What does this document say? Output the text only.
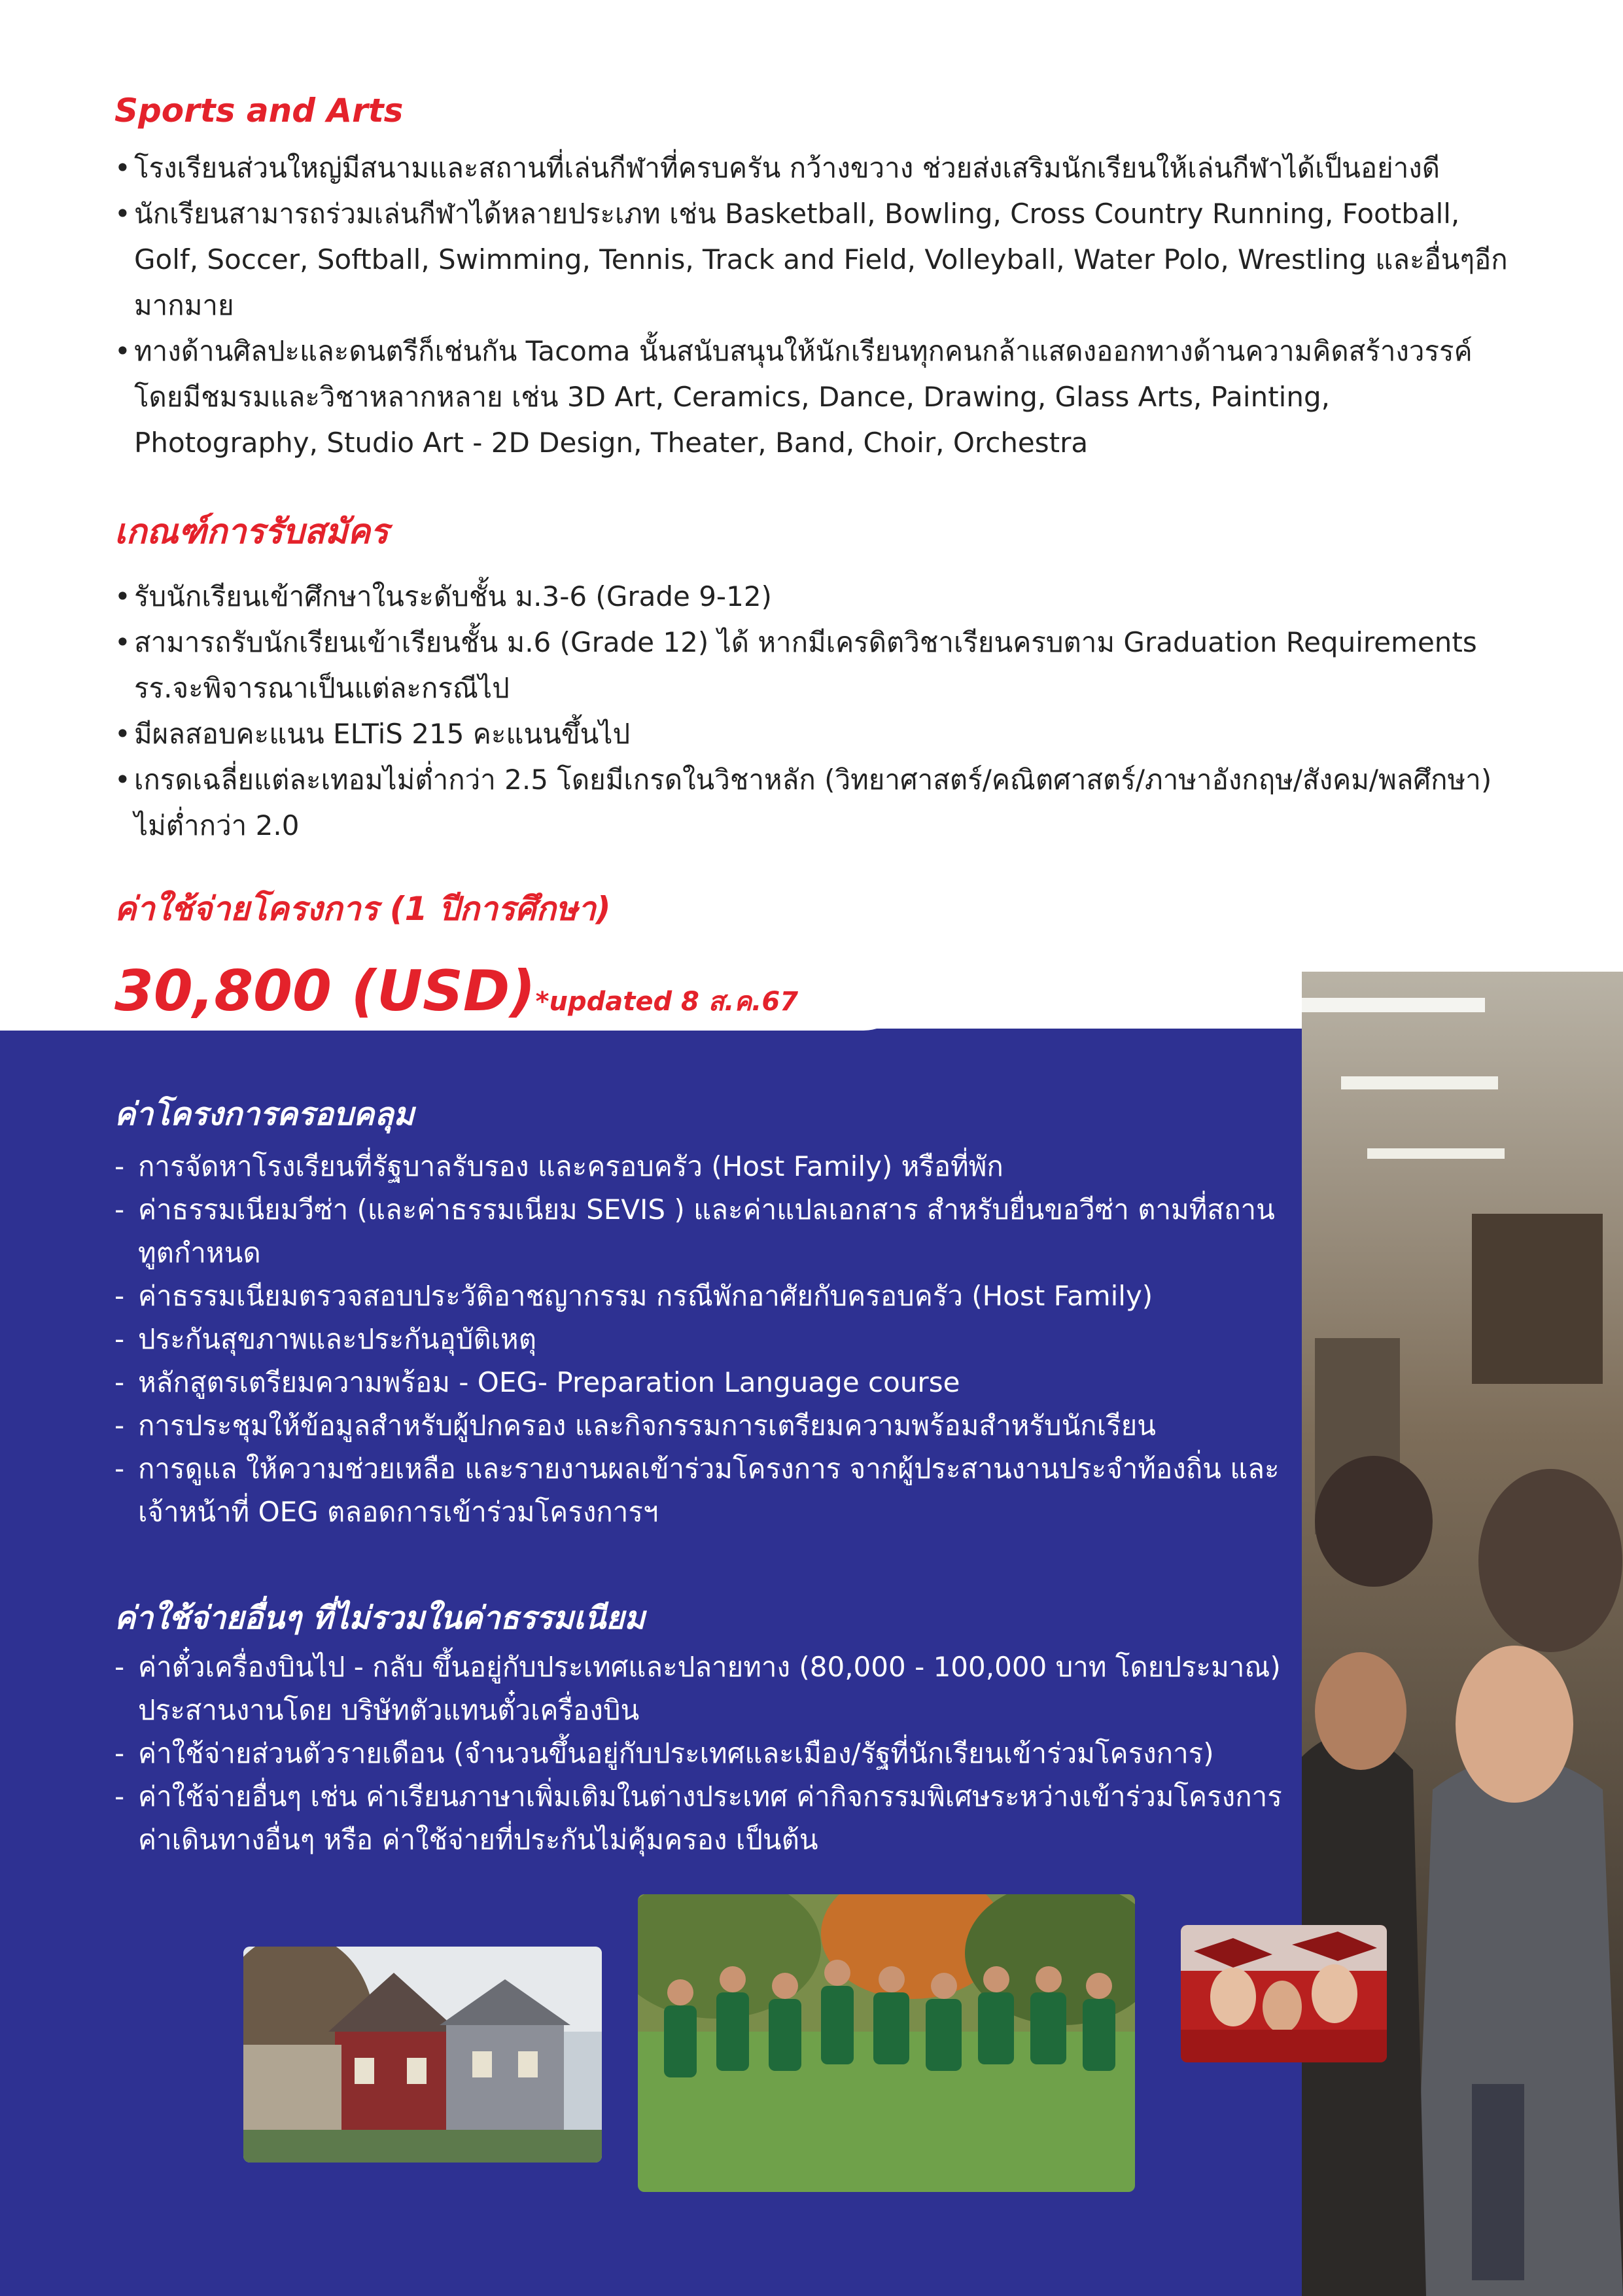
Sports and Arts
• โรงเรียนส่วนใหญ่มีสนามและสถานที่เล่นกีฬาที่ครบครัน กว้างขวาง ช่วยส่งเสริมนักเรียนให้เล่นกีฬาได้เป็นอย่างดี
• นักเรียนสามารถร่วมเล่นกีฬาได้หลายประเภท เช่น Basketball, Bowling, Cross Country Running, Football, Golf, Soccer, Softball, Swimming, Tennis, Track and Field, Volleyball, Water Polo, Wrestling และอื่นๆอีกมากมาย
• ทางด้านศิลปะและดนตรีก็เช่นกัน Tacoma นั้นสนับสนุนให้นักเรียนทุกคนกล้าแสดงออกทางด้านความคิดสร้างวรรค์ โดยมีชมรมและวิชาหลากหลาย เช่น 3D Art, Ceramics, Dance, Drawing, Glass Arts, Painting, Photography, Studio Art - 2D Design, Theater, Band, Choir, Orchestra
เกณฑ์การรับสมัคร
• รับนักเรียนเข้าศึกษาในระดับชั้น ม.3-6 (Grade 9-12)
• สามารถรับนักเรียนเข้าเรียนชั้น ม.6 (Grade 12) ได้ หากมีเครดิตวิชาเรียนครบตาม Graduation Requirements รร.จะพิจารณาเป็นแต่ละกรณีไป
• มีผลสอบคะแนน ELTiS 215 คะแนนขึ้นไป
• เกรดเฉลี่ยแต่ละเทอมไม่ต่ำกว่า 2.5 โดยมีเกรดในวิชาหลัก (วิทยาศาสตร์/คณิตศาสตร์/ภาษาอังกฤษ/สังคม/พลศึกษา) ไม่ต่ำกว่า 2.0
ค่าใช้จ่ายโครงการ (1 ปีการศึกษา)
30,800 (USD)*updated 8 ส.ค.67
ค่าโครงการครอบคลุม
- การจัดหาโรงเรียนที่รัฐบาลรับรอง และครอบครัว (Host Family) หรือที่พัก
- ค่าธรรมเนียมวีซ่า (และค่าธรรมเนียม SEVIS ) และค่าแปลเอกสาร สำหรับยื่นขอวีซ่า ตามที่สถานทูตกำหนด
- ค่าธรรมเนียมตรวจสอบประวัติอาชญากรรม กรณีพักอาศัยกับครอบครัว (Host Family)
- ประกันสุขภาพและประกันอุบัติเหตุ
- หลักสูตรเตรียมความพร้อม - OEG- Preparation Language course
- การประชุมให้ข้อมูลสำหรับผู้ปกครอง และกิจกรรมการเตรียมความพร้อมสำหรับนักเรียน
- การดูแล ให้ความช่วยเหลือ และรายงานผลเข้าร่วมโครงการ จากผู้ประสานงานประจำท้องถิ่น และเจ้าหน้าที่ OEG ตลอดการเข้าร่วมโครงการฯ
ค่าใช้จ่ายอื่นๆ ที่ไม่รวมในค่าธรรมเนียม
- ค่าตั๋วเครื่องบินไป - กลับ ขึ้นอยู่กับประเทศและปลายทาง (80,000 - 100,000 บาท โดยประมาณ) ประสานงานโดย บริษัทตัวแทนตั๋วเครื่องบิน
- ค่าใช้จ่ายส่วนตัวรายเดือน (จำนวนขึ้นอยู่กับประเทศและเมือง/รัฐที่นักเรียนเข้าร่วมโครงการ)
- ค่าใช้จ่ายอื่นๆ เช่น ค่าเรียนภาษาเพิ่มเติมในต่างประเทศ ค่ากิจกรรมพิเศษระหว่างเข้าร่วมโครงการ ค่าเดินทางอื่นๆ หรือ ค่าใช้จ่ายที่ประกันไม่คุ้มครอง เป็นต้น
